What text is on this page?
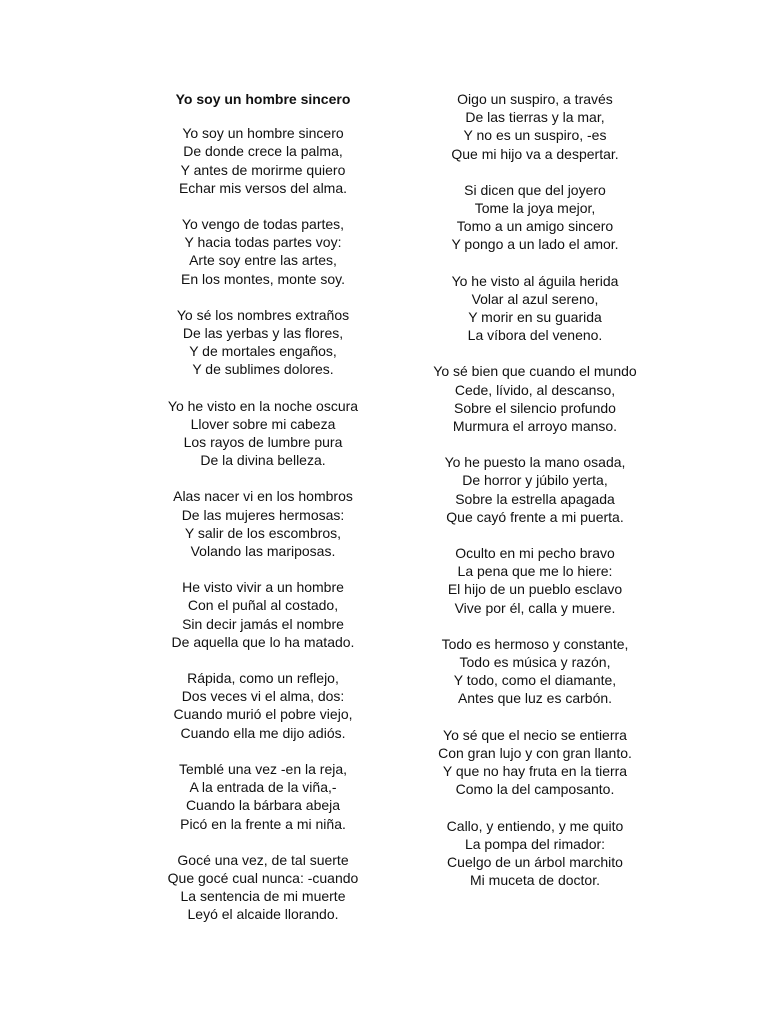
Yo soy un hombre sincero
Yo soy un hombre sincero
De donde crece la palma,
Y antes de morirme quiero
Echar mis versos del alma.
Yo vengo de todas partes,
Y hacia todas partes voy:
Arte soy entre las artes,
En los montes, monte soy.
Yo sé los nombres extraños
De las yerbas y las flores,
Y de mortales engaños,
Y de sublimes dolores.
Yo he visto en la noche oscura
Llover sobre mi cabeza
Los rayos de lumbre pura
De la divina belleza.
Alas nacer vi en los hombros
De las mujeres hermosas:
Y salir de los escombros,
Volando las mariposas.
He visto vivir a un hombre
Con el puñal al costado,
Sin decir jamás el nombre
De aquella que lo ha matado.
Rápida, como un reflejo,
Dos veces vi el alma, dos:
Cuando murió el pobre viejo,
Cuando ella me dijo adiós.
Temblé una vez -en la reja,
A la entrada de la viña,-
Cuando la bárbara abeja
Picó en la frente a mi niña.
Gocé una vez, de tal suerte
Que gocé cual nunca: -cuando
La sentencia de mi muerte
Leyó el alcaide llorando.
Oigo un suspiro, a través
De las tierras y la mar,
Y no es un suspiro, -es
Que mi hijo va a despertar.
Si dicen que del joyero
Tome la joya mejor,
Tomo a un amigo sincero
Y pongo a un lado el amor.
Yo he visto al águila herida
Volar al azul sereno,
Y morir en su guarida
La víbora del veneno.
Yo sé bien que cuando el mundo
Cede, lívido, al descanso,
Sobre el silencio profundo
Murmura el arroyo manso.
Yo he puesto la mano osada,
De horror y júbilo yerta,
Sobre la estrella apagada
Que cayó frente a mi puerta.
Oculto en mi pecho bravo
La pena que me lo hiere:
El hijo de un pueblo esclavo
Vive por él, calla y muere.
Todo es hermoso y constante,
Todo es música y razón,
Y todo, como el diamante,
Antes que luz es carbón.
Yo sé que el necio se entierra
Con gran lujo y con gran llanto.
Y que no hay fruta en la tierra
Como la del camposanto.
Callo, y entiendo, y me quito
La pompa del rimador:
Cuelgo de un árbol marchito
Mi muceta de doctor.
